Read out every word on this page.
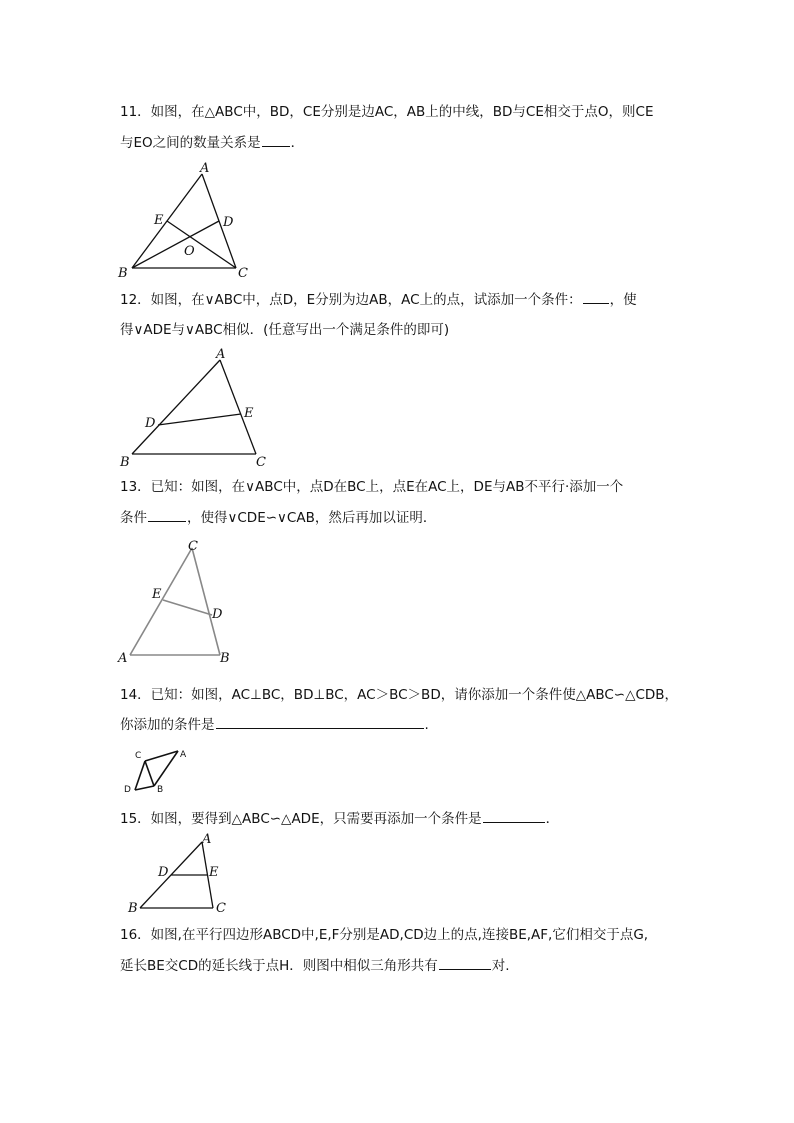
11．如图，在△ABC中，BD，CE分别是边AC，AB上的中线，BD与CE相交于点O，则CE
与EO之间的数量关系是 ．
A
E	D
O
B	C
12．如图，在∨ABC中，点D，E分别为边AB，AC上的点，试添加一个条件： ，使
得∨ADE与∨ABC相似．(任意写出一个满足条件的即可)
A
D
E
B	C
13．已知：如图，在∨ABC中，点D在BC上，点E在AC上，DE与AB不平行·添加一个
条件	，使得∨CDE∽∨CAB，然后再加以证明．
C
E
D
A	B
14．已知：如图，AC⊥BC，BD⊥BC，AC＞BC＞BD，请你添加一个条件使△ABC∽△CDB，
你添加的条件是	.
C	A
D	B
15．如图，要得到△ABC∽△ADE，只需要再添加一个条件是	．
A
D	E
B	C
16．如图,在平行四边形ABCD中,E,F分别是AD,CD边上的点,连接BE,AF,它们相交于点G,
延长BE交CD的延长线于点H．则图中相似三角形共有	对.
